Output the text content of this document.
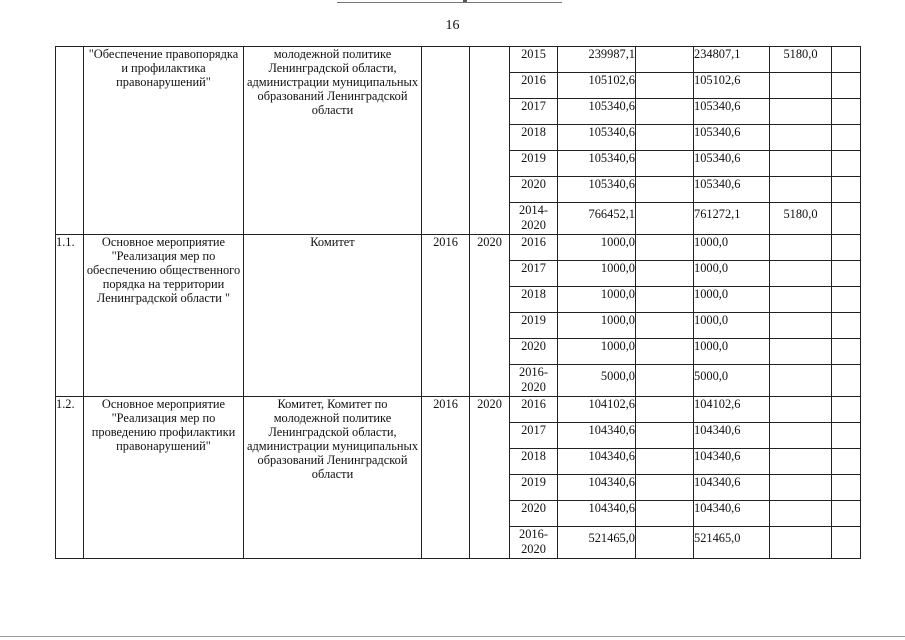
16
	"Обеспечение правопорядка и профилактика правонарушений"	молодежной политике Ленинградской области, администрации муниципальных образований Ленинградской области			2015	239987,1		234807,1	5180,0	
					2016	105102,6		105102,6		
					2017	105340,6		105340,6		
					2018	105340,6		105340,6		
					2019	105340,6		105340,6		
					2020	105340,6		105340,6		
					2014-​2020	766452,1		761272,1	5180,0	
1.1.	Основное мероприятие "Реализация мер по обеспечению общественного порядка на территории Ленинградской области "	Комитет	2016	2020	2016	1000,0		1000,0		
					2017	1000,0		1000,0		
					2018	1000,0		1000,0		
					2019	1000,0		1000,0		
					2020	1000,0		1000,0		
					2016-​2020	5000,0		5000,0		
1.2.	Основное мероприятие "Реализация мер по проведению профилактики правонарушений"	Комитет, Комитет по молодежной политике Ленинградской области, администрации муниципальных образований Ленинградской области	2016	2020	2016	104102,6		104102,6		
					2017	104340,6		104340,6		
					2018	104340,6		104340,6		
					2019	104340,6		104340,6		
					2020	104340,6		104340,6		
					2016-​2020	521465,0		521465,0		
